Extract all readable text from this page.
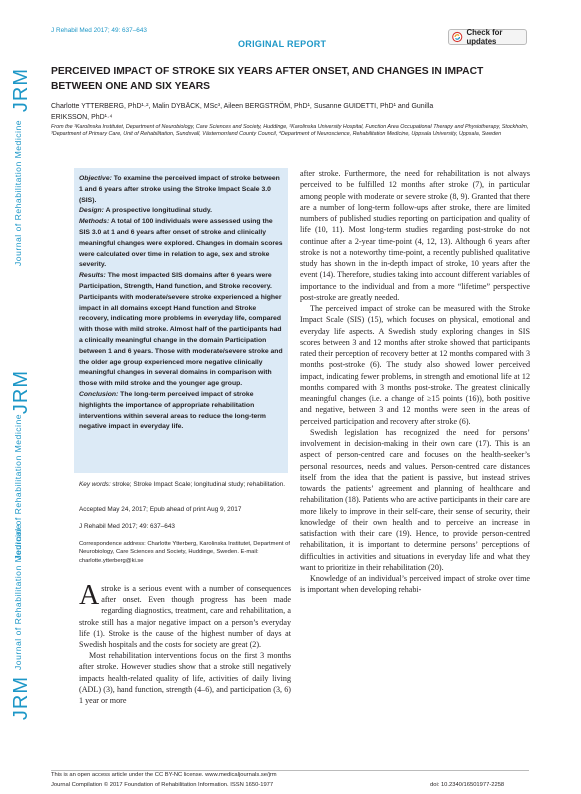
JRM
Journal of Rehabilitation Medicine
JRM
Journal of Rehabilitation Medicine
JRM
Journal of Rehabilitation Medicine
J Rehabil Med 2017; 49: 637–643
ORIGINAL REPORT
Check for updates
PERCEIVED IMPACT OF STROKE SIX YEARS AFTER ONSET, AND CHANGES IN IMPACT BETWEEN ONE AND SIX YEARS
Charlotte YTTERBERG, PhD¹·², Malin DYBÄCK, MSc³, Aileen BERGSTRÖM, PhD¹, Susanne GUIDETTI, PhD¹ and Gunilla
ERIKSSON, PhD¹·⁴
From the ¹Karolinska Institutet, Department of Neurobiology, Care Sciences and Society, Huddinge, ²Karolinska University Hospital, Function Area Occupational Therapy and Physiotherapy, Stockholm, ³Department of Primary Care, Unit of Rehabilitation, Sundsvall, Västernorrland County Council, ⁴Department of Neuroscience, Rehabilitation Medicine, Uppsala University, Uppsala, Sweden

Objective: To examine the perceived impact of stroke between 1 and 6 years after stroke using the Stroke Impact Scale 3.0 (SIS).

Design: A prospective longitudinal study.

Methods: A total of 100 individuals were assessed using the SIS 3.0 at 1 and 6 years after onset of stroke and clinically meaningful changes were explored. Changes in domain scores were calculated over time in relation to age, sex and stroke severity.

Results: The most impacted SIS domains after 6 years were Participation, Strength, Hand function, and Stroke recovery. Participants with moderate/severe stroke experienced a higher impact in all domains except Hand function and Stroke recovery, indicating more problems in everyday life, compared with those with mild stroke. Almost half of the participants had a clinically meaningful change in the domain Participation between 1 and 6 years. Those with moderate/severe stroke and the older age group experienced more negative clinically meaningful changes in several domains in comparison with those with mild stroke and the younger age group.

Conclusion: The long-term perceived impact of stroke highlights the importance of appropriate rehabilitation interventions within several areas to reduce the long-term negative impact in everyday life.

Key words: stroke; Stroke Impact Scale; longitudinal study; rehabilitation.
Accepted May 24, 2017; Epub ahead of print Aug 9, 2017
J Rehabil Med 2017; 49: 637–643
Correspondence address: Charlotte Ytterberg, Karolinska Institutet, Department of Neurobiology, Care Sciences and Society, Huddinge, Sweden. E-mail: charlotte.ytterberg@ki.se

Astroke is a serious event with a number of consequences after onset. Even though progress has been made regarding diagnostics, treatment, care and rehabilitation, a stroke still has a major negative impact on a person’s everyday life (1). Stroke is the cause of the highest number of days at Swedish hospitals and the costs for society are great (2).

Most rehabilitation interventions focus on the first 3 months after stroke. However studies show that a stroke still negatively impacts health-related quality of life, activities of daily living (ADL) (3), hand function, strength (4–6), and participation (3, 6) 1 year or more

after stroke. Furthermore, the need for rehabilitation is not always perceived to be fulfilled 12 months after stroke (7), in particular among people with moderate or severe stroke (8, 9). Granted that there are a number of long-term follow-ups after stroke, there are limited numbers of published studies reporting on participation and quality of life (10, 11). Most long-term studies regarding post-stroke do not continue after a 2-year time-point (4, 12, 13). Although 6 years after stroke is not a noteworthy time-point, a recently published qualitative study has shown in the in-depth impact of stroke, 10 years after the event (14). Therefore, studies taking into account different variables of importance to the individual and from a more “lifetime” perspective post-stroke are greatly needed.

The perceived impact of stroke can be measured with the Stroke Impact Scale (SIS) (15), which focuses on physical, emotional and everyday life aspects. A Swedish study exploring changes in SIS scores between 3 and 12 months after stroke showed that participants rated their perception of recovery better at 12 months compared with 3 months post-stroke (6). The study also showed lower perceived impact, indicating fewer problems, in strength and emotional life at 12 months compared with 3 months post-stroke. The greatest clinically meaningful changes (i.e. a change of ≥15 points (16)), both positive and negative, between 3 and 12 months were seen in the areas of perceived participation and recovery after stroke (6).

Swedish legislation has recognized the need for persons’ involvement in decision-making in their own care (17). This is an aspect of person-centred care and focuses on the health-seeker’s personal resources, needs and values. Person-centred care distances itself from the idea that the patient is passive, but instead strives towards the patients’ agreement and planning of healthcare and rehabilitation (18). Patients who are active participants in their care are more likely to improve in their self-care, their sense of security, their knowledge of their own health and to perceive an increase in satisfaction with their care (19). Hence, to provide person-centred rehabilitation, it is important to determine persons’ perceptions of difficulties in activities and situations in everyday life and what they want to prioritize in their rehabilitation (20).

Knowledge of an individual’s perceived impact of stroke over time is important when developing rehabi-

This is an open access article under the CC BY-NC license. www.medicaljournals.se/jrm
Journal Compilation © 2017 Foundation of Rehabilitation Information. ISSN 1650-1977	doi: 10.2340/16501977-2258
